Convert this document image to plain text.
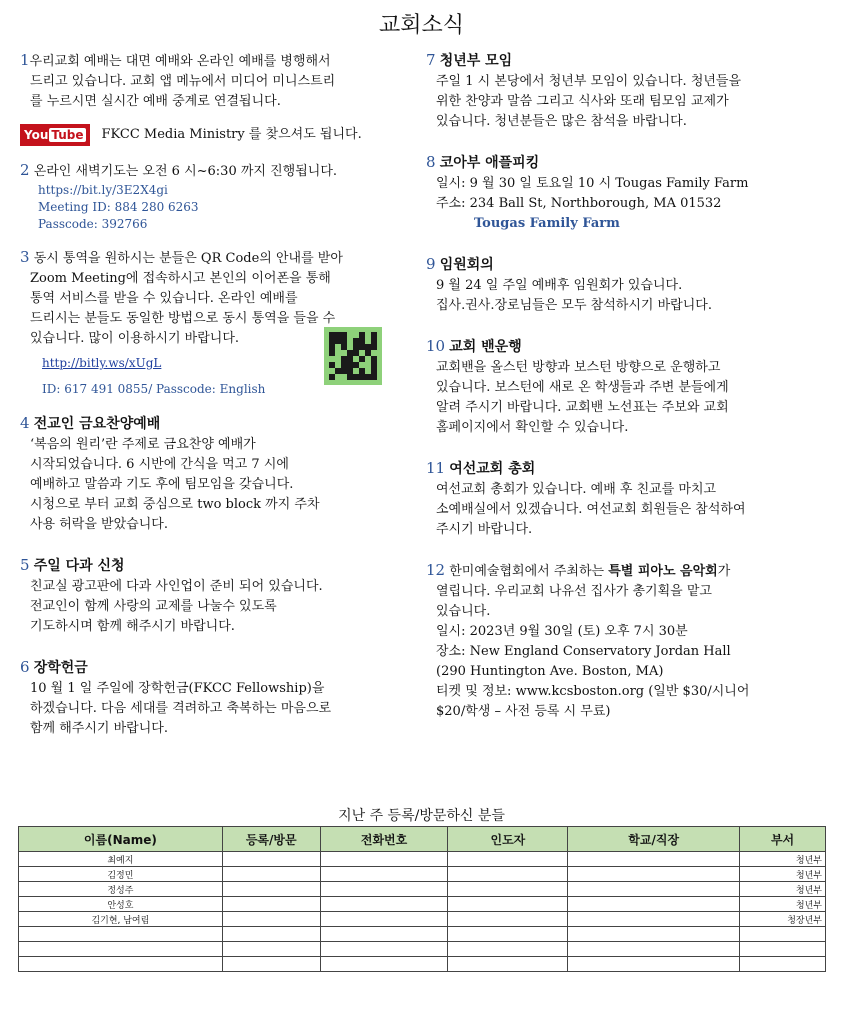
교회소식
1우리교회 예배는 대면 예배와 온라인 예배를 병행해서
드리고 있습니다. 교회 앱 메뉴에서 미디어 미니스트리
를 누르시면 실시간 예배 중계로 연결됩니다.
You Tube	FKCC Media Ministry 를 찾으셔도 됩니다.
2 온라인 새벽기도는 오전 6 시~6:30 까지 진행됩니다.
https://bit.ly/3E2X4gi
Meeting ID: 884 280 6263
Passcode: 392766
3 동시 통역을 원하시는 분들은 QR Code의 안내를 받아
Zoom Meeting에 접속하시고 본인의 이어폰을 통해
통역 서비스를 받을 수 있습니다. 온라인 예배를
드리시는 분들도 동일한 방법으로 동시 통역을 들을 수
있습니다. 많이 이용하시기 바랍니다.
http://bitly.ws/xUgL
ID: 617 491 0855/ Passcode: English
4 전교인 금요찬양예배
‘복음의 원리’란 주제로 금요찬양 예배가
시작되었습니다. 6 시반에 간식을 먹고 7 시에
예배하고 말씀과 기도 후에 팀모임을 갖습니다.
시청으로 부터 교회 중심으로 two block 까지 주차
사용 허락을 받았습니다.
5 주일 다과 신청
친교실 광고판에 다과 사인업이 준비 되어 있습니다.
전교인이 함께 사랑의 교제를 나눌수 있도록
기도하시며 함께 해주시기 바랍니다.
6 장학헌금
10 월 1 일 주일에 장학헌금(FKCC Fellowship)을
하겠습니다. 다음 세대를 격려하고 축복하는 마음으로
함께 해주시기 바랍니다.
7 청년부 모임
주일 1 시 본당에서 청년부 모임이 있습니다. 청년들을
위한 찬양과 말씀 그리고 식사와 또래 팀모임 교제가
있습니다. 청년분들은 많은 참석을 바랍니다.
8 코아부 애플피킹
일시: 9 월 30 일 토요일 10 시 Tougas Family Farm
주소: 234 Ball St, Northborough, MA 01532
Tougas Family Farm
9 임원회의
9 월 24 일 주일 예배후 임원회가 있습니다.
집사.권사.장로님들은 모두 참석하시기 바랍니다.
10 교회 밴운행
교회밴을 올스턴 방향과 보스턴 방향으로 운행하고
있습니다. 보스턴에 새로 온 학생들과 주변 분들에게
알려 주시기 바랍니다. 교회밴 노선표는 주보와 교회
홈페이지에서 확인할 수 있습니다.
11 여선교회 총회
여선교회 총회가 있습니다. 예배 후 친교를 마치고
소예배실에서 있겠습니다. 여선교회 회원들은 참석하여
주시기 바랍니다.
12 한미예술협회에서 주최하는 특별 피아노 음악회가
열립니다. 우리교회 나유선 집사가 총기획을 맡고
있습니다.
일시: 2023년 9월 30일 (토) 오후 7시 30분
장소: New England Conservatory Jordan Hall
(290 Huntington Ave. Boston, MA)
티켓 및 정보: www.kcsboston.org (일반 $30/시니어
$20/학생 – 사전 등록 시 무료)
지난 주 등록/방문하신 분들
이름(Name)	등록/방문	전화번호	인도자	학교/직장	부서
최예지					청년부
김정민					청년부
정성주					청년부
안성호					청년부
김기현, 남여림					청장년부
